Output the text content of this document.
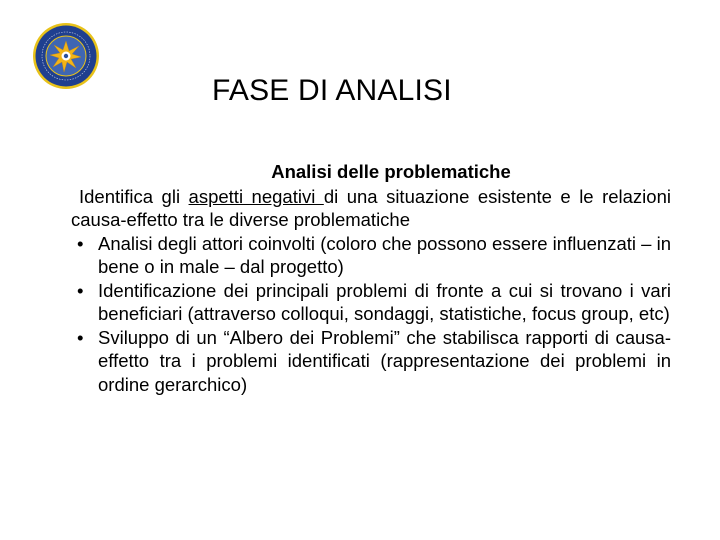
FASE DI ANALISI

Analisi delle problematiche

Identifica gli aspetti negativi di una situazione esistente e le relazioni causa-effetto tra le diverse problematiche

• Analisi degli attori coinvolti (coloro che possono essere influenzati – in bene o in male – dal progetto)
• Identificazione dei principali problemi di fronte a cui si trovano i vari beneficiari (attraverso colloqui, sondaggi, statistiche, focus group, etc)
• Sviluppo di un “Albero dei Problemi” che stabilisca rapporti di causa-effetto tra i problemi identificati (rappresentazione dei problemi in ordine gerarchico)
